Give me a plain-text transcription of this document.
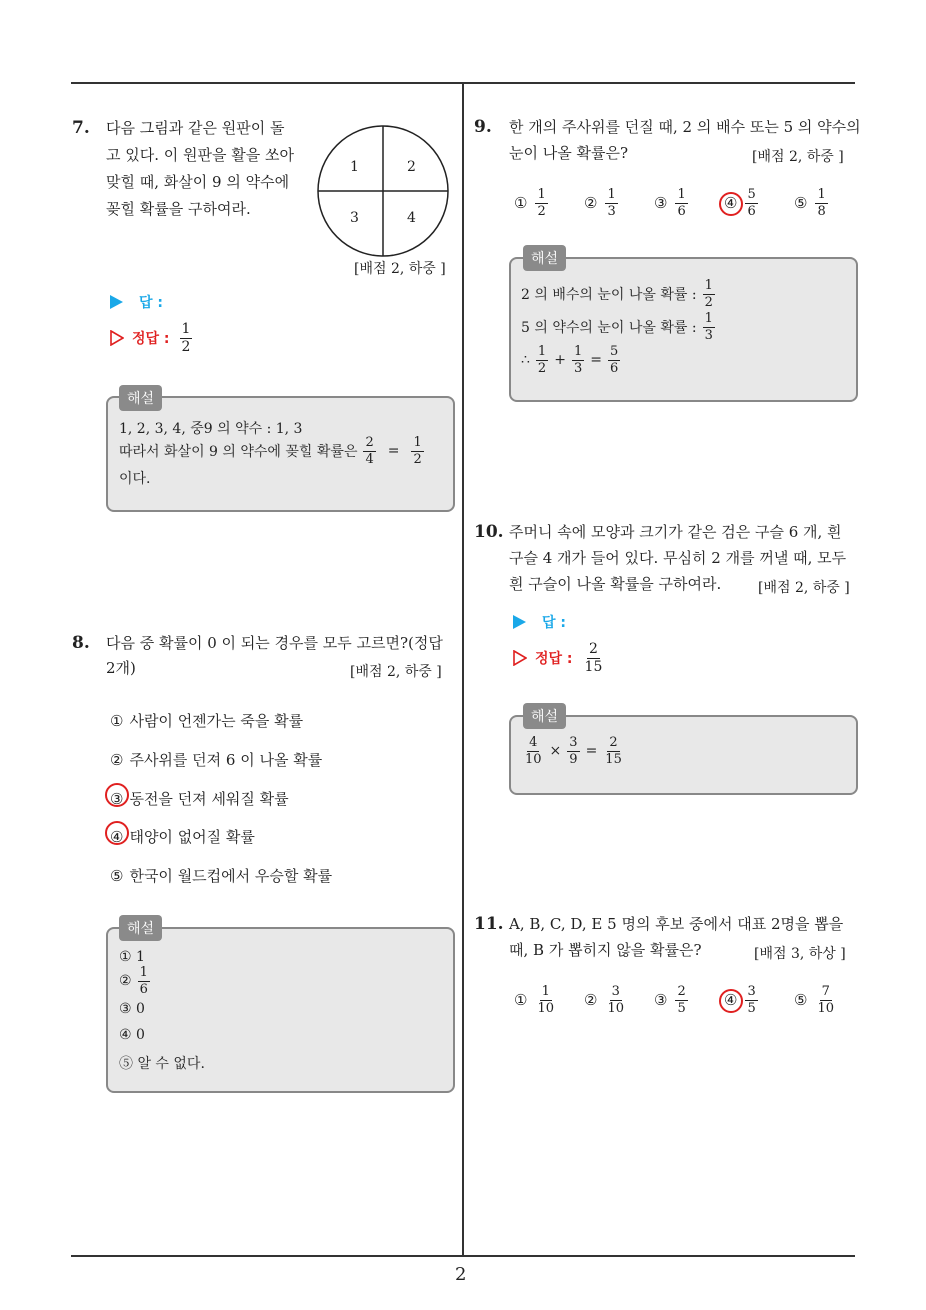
2
7. 다음 그림과 같은 원판이 돌
고 있다. 이 원판을 활을 쏘아
맞힐 때, 화살이 9 의 약수에
꽂힐 확률을 구하여라.
1	2
3	4
[배점 2, 하중 ]
답 :
정답 : $\frac{1}{2}$
해설
1, 2, 3, 4, 중9 의 약수 : 1, 3
따라서 화살이 9 의 약수에 꽂힐 확률은 $\frac{2}{4} = \frac{1}{2}$
이다.
8. 다음 중 확률이 0 이 되는 경우를 모두 고르면?(정답
2개)	[배점 2, 하중 ]
① 사람이 언젠가는 죽을 확률
② 주사위를 던져 6 이 나올 확률
③ 동전을 던져 세워질 확률
④ 태양이 없어질 확률
⑤ 한국이 월드컵에서 우승할 확률
해설
① 1
② $\frac{1}{6}$
③ 0
④ 0
⑤ 알 수 없다.
9. 한 개의 주사위를 던질 때, 2 의 배수 또는 5 의 약수의
눈이 나올 확률은?	[배점 2, 하중 ]
① $\frac{1}{2}$ ② $\frac{1}{3}$ ③ $\frac{1}{6}$ ④ $\frac{5}{6}$ ⑤ $\frac{1}{8}$
해설
2 의 배수의 눈이 나올 확률 : $\frac{1}{2}$
5 의 약수의 눈이 나올 확률 : $\frac{1}{3}$
∴ $\frac{1}{2} + \frac{1}{3} = \frac{5}{6}$
10. 주머니 속에 모양과 크기가 같은 검은 구슬 6 개, 흰
구슬 4 개가 들어 있다. 무심히 2 개를 꺼낼 때, 모두
흰 구슬이 나올 확률을 구하여라.	[배점 2, 하중 ]
답 :
정답 : $\frac{2}{15}$
해설
$\frac{4}{10} \times \frac{3}{9} = \frac{2}{15}$
11. A, B, C, D, E 5 명의 후보 중에서 대표 2명을 뽑을
때, B 가 뽑히지 않을 확률은?	[배점 3, 하상 ]
① $\frac{1}{10}$ ② $\frac{3}{10}$ ③ $\frac{2}{5}$ ④ $\frac{3}{5}$ ⑤ $\frac{7}{10}$
